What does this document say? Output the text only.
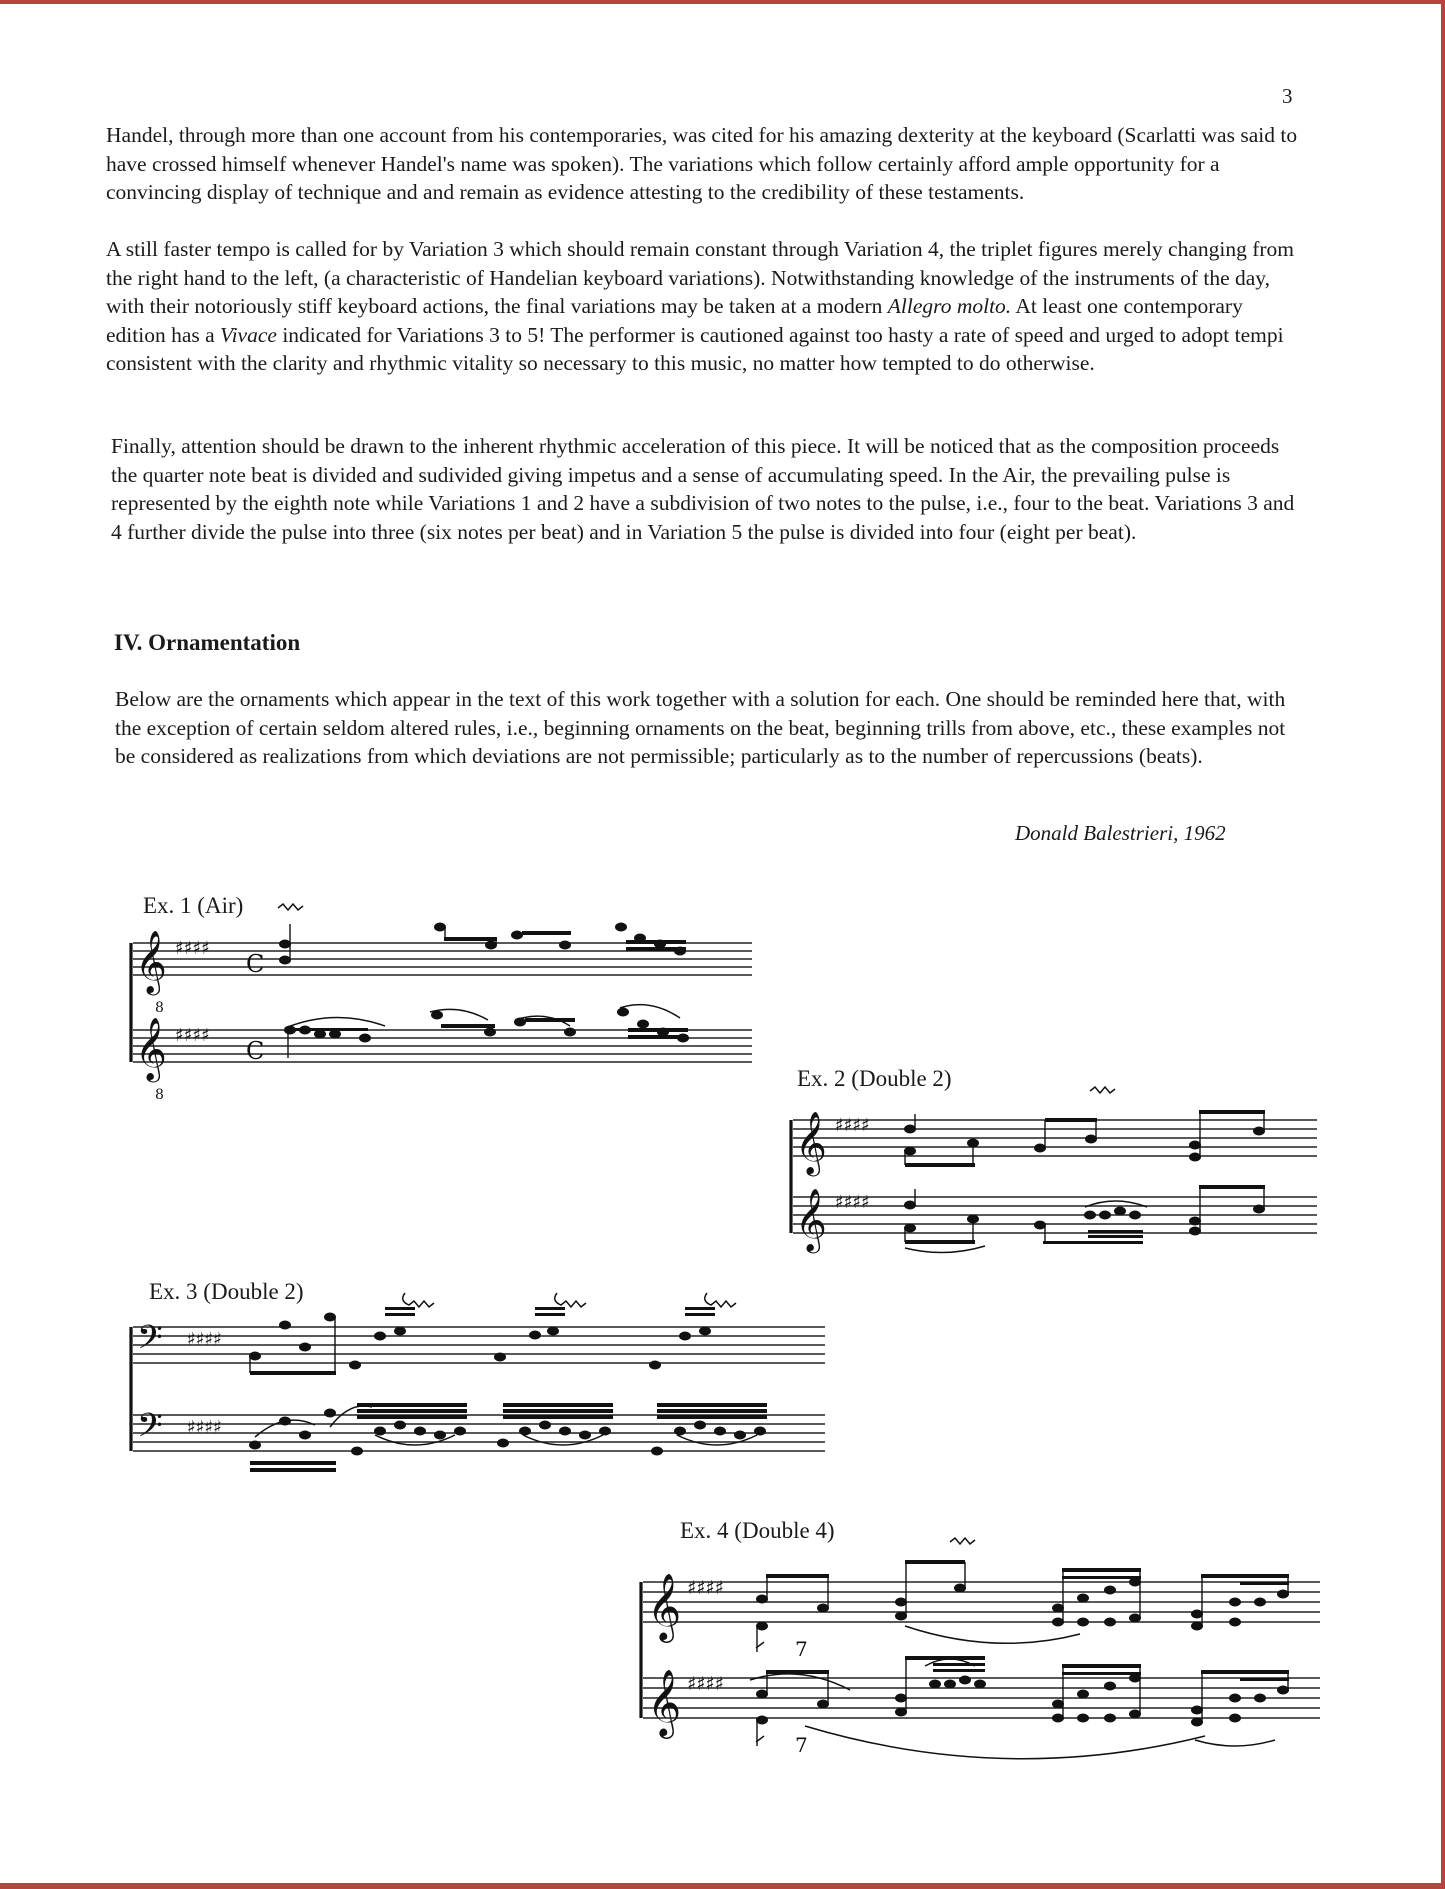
3

Handel, through more than one account from his contemporaries, was cited for his amazing dexterity at the keyboard (Scarlatti was said to have crossed himself whenever Handel's name was spoken). The variations which follow certainly afford ample opportunity for a convincing display of technique and and remain as evidence attesting to the credibility of these testaments.

A still faster tempo is called for by Variation 3 which should remain constant through Variation 4, the triplet figures merely changing from the right hand to the left, (a characteristic of Handelian keyboard variations). Notwithstanding knowledge of the instruments of the day, with their notoriously stiff keyboard actions, the final variations may be taken at a modern Allegro molto. At least one contemporary edition has a Vivace indicated for Variations 3 to 5! The performer is cautioned against too hasty a rate of speed and urged to adopt tempi consistent with the clarity and rhythmic vitality so necessary to this music, no matter how tempted to do otherwise.

Finally, attention should be drawn to the inherent rhythmic acceleration of this piece. It will be noticed that as the composition proceeds the quarter note beat is divided and sudivided giving impetus and a sense of accumulating speed. In the Air, the prevailing pulse is represented by the eighth note while Variations 1 and 2 have a subdivision of two notes to the pulse, i.e., four to the beat. Variations 3 and 4 further divide the pulse into three (six notes per beat) and in Variation 5 the pulse is divided into four (eight per beat).

IV. Ornamentation

Below are the ornaments which appear in the text of this work together with a solution for each. One should be reminded here that, with the exception of certain seldom altered rules, i.e., beginning ornaments on the beat, beginning trills from above, etc., these examples not be considered as realizations from which deviations are not permissible; particularly as to the number of repercussions (beats).

Donald Balestrieri, 1962
Ex. 1 (Air)
𝄞
𝄞
8
8
♯♯♯♯
♯♯♯♯
C
C
Ex. 2 (Double 2)
𝄞
𝄞
♯♯♯♯
♯♯♯♯
Ex. 3 (Double 2)
𝄢
𝄢
♯♯♯♯
♯♯♯♯
Ex. 4 (Double 4)
𝄞
𝄞
♯♯♯♯
♯♯♯♯
7
7
